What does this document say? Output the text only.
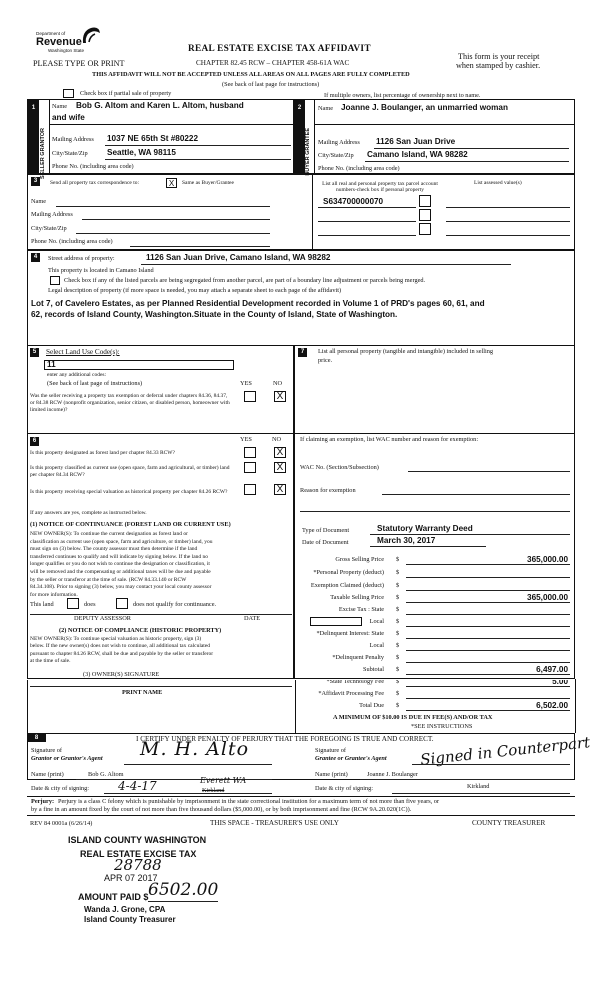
Department of
Revenue
Washington State	REAL ESTATE EXCISE TAX AFFIDAVIT
PLEASE TYPE OR PRINT	CHAPTER 82.45 RCW – CHAPTER 458-61A WAC
This form is your receipt
when stamped by cashier.
THIS AFFIDAVIT WILL NOT BE ACCEPTED UNLESS ALL AREAS ON ALL PAGES ARE FULLY COMPLETED
(See back of last page for instructions)
Check box if partial sale of property	If multiple owners, list percentage of ownership next to name.
1	2
SELLER GRANTOR	BUYER GRANTEE
Name Bob G. Altom and Karen L. Altom, husband
and wife
Mailing Address 1037 NE 65th St #80222
City/State/Zip Seattle, WA 98115
Phone No. (including area code)
Name Joanne J. Boulanger, an unmarried woman
Mailing Address 1126 San Juan Drive
City/State/Zip Camano Island, WA 98282
Phone No. (including area code)
3	Send all property tax correspondence to:	X	Same as Buyer/Grantee
Name
Mailing Address
City/State/Zip
Phone No. (including area code)
List all real and personal property tax parcel account numbers-check box if personal property
List assessed value(s)
S634700000070
4	Street address of property:	1126 San Juan Drive, Camano Island, WA 98282
This property is located in Camano Island
Check box if any of the listed parcels are being segregated from another parcel, are part of a boundary line adjustment or parcels being merged.
Legal description of property (if more space is needed, you may attach a separate sheet to each page of the affidavit)
Lot 7, of Cavelero Estates, as per Planned Residential Development recorded in Volume 1 of PRD's pages 60, 61, and
62, records of Island County, Washington.Situate in the County of Island, State of Washington.
5	Select Land Use Code(s):
11
enter any additional codes:
(See back of last page of instructions)	YES	NO
Was the seller receiving a property tax exemption or deferral under chapters 84.36, 84.37, or 84.38 RCW (nonprofit organization, senior citizen, or disabled person, homeowner with limited income)?
X
6	YES	NO
Is this property designated as forest land per chapter 84.33 RCW?	X
Is this property classified as current use (open space, farm and agricultural, or timber) land per chapter 84.34 RCW?
X
Is this property receiving special valuation as historical property per chapter 84.26 RCW?	X
If any answers are yes, complete as instructed below.
(1) NOTICE OF CONTINUANCE (FOREST LAND OR CURRENT USE)
NEW OWNER(S): To continue the current designation as forest land or
classification as current use (open space, farm and agriculture, or timber) land, you
must sign on (3) below. The county assessor must then determine if the land
transferred continues to qualify and will indicate by signing below. If the land no
longer qualifies or you do not wish to continue the designation or classification, it
will be removed and the compensating or additional taxes will be due and payable
by the seller or transferor at the time of sale. (RCW 84.33.140 or RCW
84.34.108). Prior to signing (3) below, you may contact your local county assessor
for more information.
This land	does	does not qualify for continuance.
DEPUTY ASSESSOR	DATE
(2) NOTICE OF COMPLIANCE (HISTORIC PROPERTY)
NEW OWNER(S): To continue special valuation as historic property, sign (3)
below. If the new owner(s) does not wish to continue, all additional tax calculated
pursuant to chapter 84.26 RCW, shall be due and payable by the seller or transferor
at the time of sale.
(3) OWNER(S) SIGNATURE
PRINT NAME
7	List all personal property (tangible and intangible) included in selling
price.
If claiming an exemption, list WAC number and reason for exemption:
WAC No. (Section/Subsection)
Reason for exemption
Type of Document	Statutory Warranty Deed
Date of Document	March 30, 2017
Gross Selling Price $	365,000.00
*Personal Property (deduct) $
Exemption Claimed (deduct) $
Taxable Selling Price $	365,000.00
Excise Tax : State $
Local $
*Delinquent Interest: State $
Local $
*Delinquent Penalty $
Subtotal $	6,497.00
*State Technology Fee $	5.00
*Affidavit Processing Fee $
Total Due $	6,502.00
A MINIMUM OF $10.00 IS DUE IN FEE(S) AND/OR TAX
*SEE INSTRUCTIONS
8	I CERTIFY UNDER PENALTY OF PERJURY THAT THE FOREGOING IS TRUE AND CORRECT.
Signature of
Grantor or Grantor's Agent M. H. Alto
Name (print)	Bob G. Altom
Date & city of signing: 4-4-17	Kirkland
Everett WA
Signature of
Grantee or Grantee's Agent Signed in Counterpart
Name (print)	Joanne J. Boulanger
Date & city of signing:	Kirkland
Perjury: Perjury is a class C felony which is punishable by imprisonment in the state correctional institution for a maximum term of not more than five years, or
by a fine in an amount fixed by the court of not more than five thousand dollars ($5,000.00), or by both imprisonment and fine (RCW 9A.20.020(1C)).
REV 84 0001a (6/26/14)	THIS SPACE - TREASURER'S USE ONLY	COUNTY TREASURER
ISLAND COUNTY WASHINGTON
REAL ESTATE EXCISE TAX
28788
APR 07 2017
AMOUNT PAID $ 6502.00
Wanda J. Grone, CPA
Island County Treasurer
